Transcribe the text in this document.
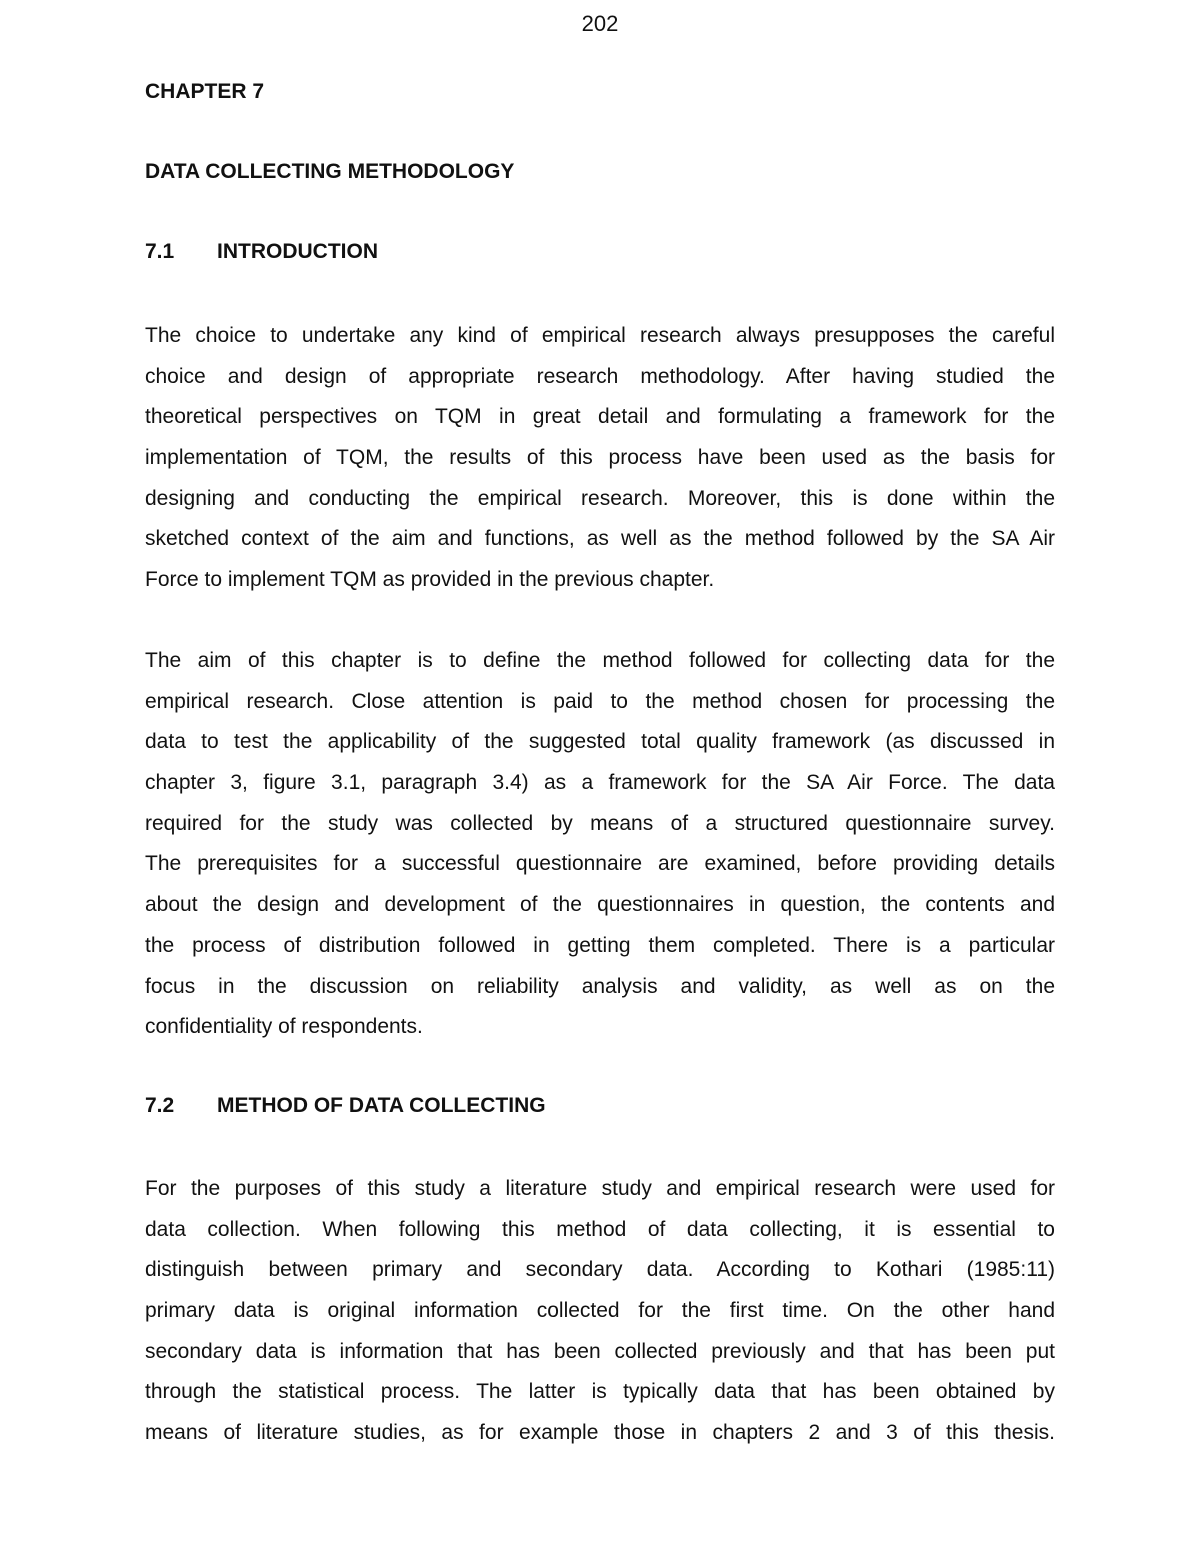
202
CHAPTER 7
DATA COLLECTING METHODOLOGY
7.1 INTRODUCTION
The choice to undertake any kind of empirical research always presupposes the careful
choice and design of appropriate research methodology. After having studied the
theoretical perspectives on TQM in great detail and formulating a framework for the
implementation of TQM, the results of this process have been used as the basis for
designing and conducting the empirical research. Moreover, this is done within the
sketched context of the aim and functions, as well as the method followed by the SA Air
Force to implement TQM as provided in the previous chapter.
The aim of this chapter is to define the method followed for collecting data for the
empirical research. Close attention is paid to the method chosen for processing the
data to test the applicability of the suggested total quality framework (as discussed in
chapter 3, figure 3.1, paragraph 3.4) as a framework for the SA Air Force. The data
required for the study was collected by means of a structured questionnaire survey.
The prerequisites for a successful questionnaire are examined, before providing details
about the design and development of the questionnaires in question, the contents and
the process of distribution followed in getting them completed. There is a particular
focus in the discussion on reliability analysis and validity, as well as on the
confidentiality of respondents.
7.2 METHOD OF DATA COLLECTING
For the purposes of this study a literature study and empirical research were used for
data collection. When following this method of data collecting, it is essential to
distinguish between primary and secondary data. According to Kothari (1985:11)
primary data is original information collected for the first time. On the other hand
secondary data is information that has been collected previously and that has been put
through the statistical process. The latter is typically data that has been obtained by
means of literature studies, as for example those in chapters 2 and 3 of this thesis.
